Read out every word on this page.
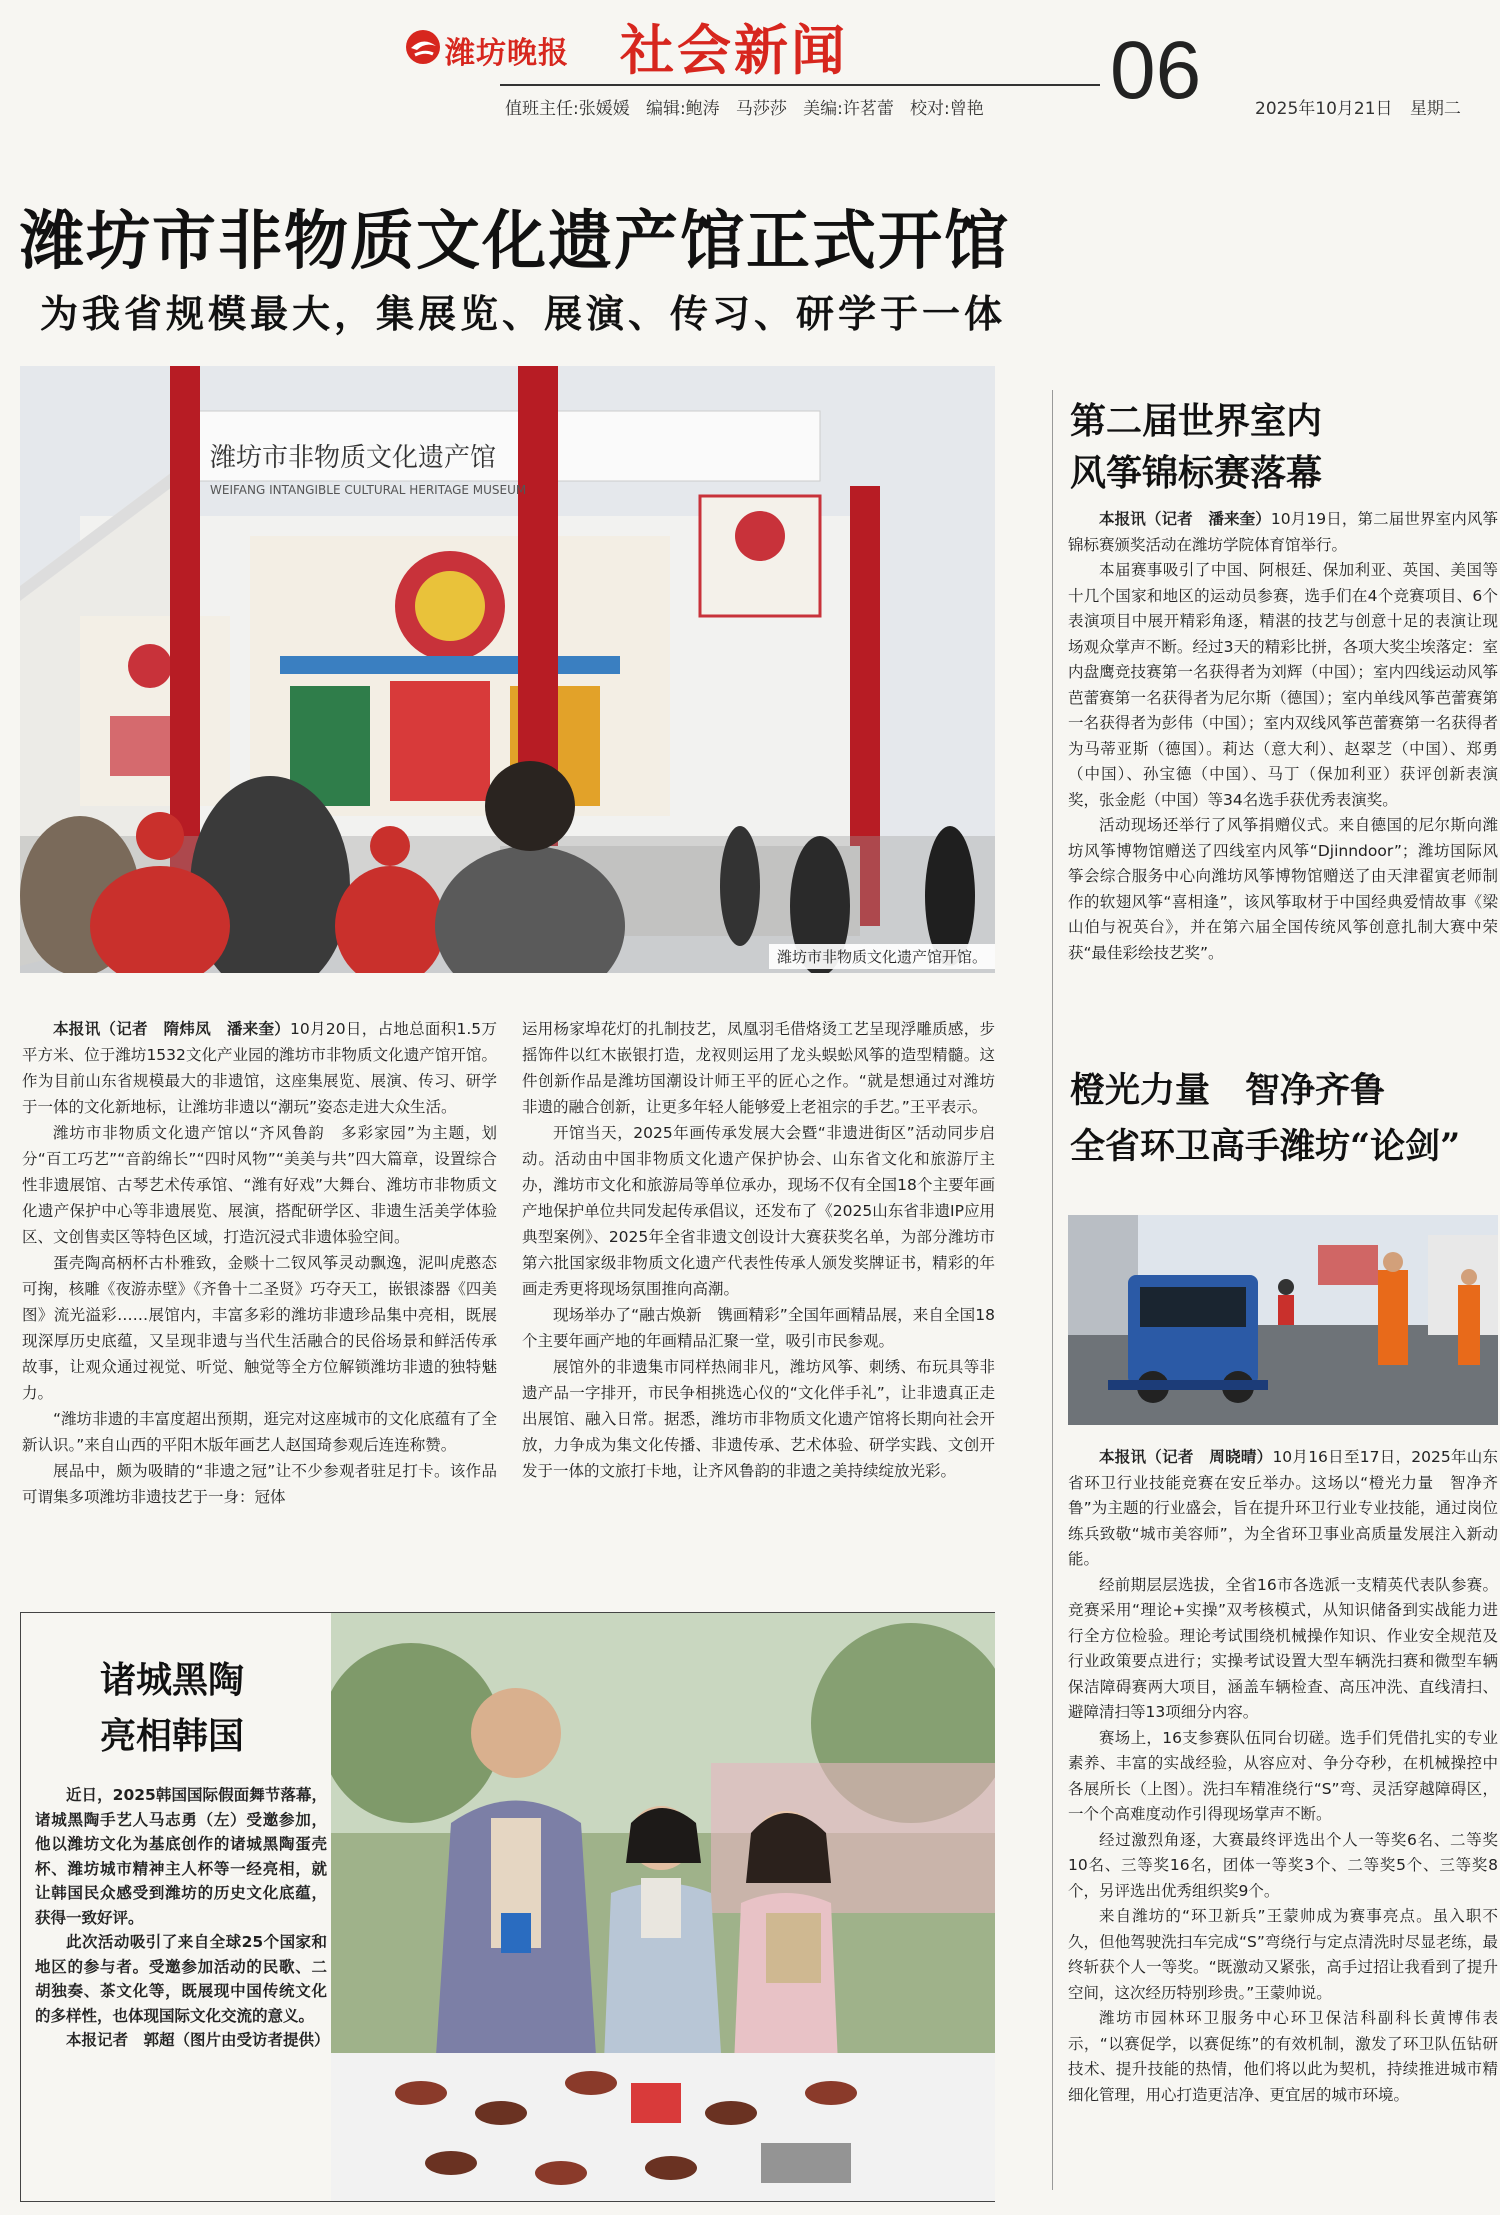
潍坊晚报 社会新闻
值班主任:张媛媛   编辑:鲍涛   马莎莎   美编:许茗蕾   校对:曾艳 06	2025年10月21日 星期二
潍坊市非物质文化遗产馆正式开馆
为我省规模最大，集展览、展演、传习、研学于一体
潍坊市非物质文化遗产馆
WEIFANG INTANGIBLE CULTURAL HERITAGE MUSEUM
潍坊市非物质文化遗产馆开馆。

本报讯（记者　隋炜凤　潘来奎）10月20日，占地总面积1.5万平方米、位于潍坊1532文化产业园的潍坊市非物质文化遗产馆开馆。作为目前山东省规模最大的非遗馆，这座集展览、展演、传习、研学于一体的文化新地标，让潍坊非遗以“潮玩”姿态走进大众生活。

潍坊市非物质文化遗产馆以“齐风鲁韵　多彩家园”为主题，划分“百工巧艺”“音韵绵长”“四时风物”“美美与共”四大篇章，设置综合性非遗展馆、古琴艺术传承馆、“潍有好戏”大舞台、潍坊市非物质文化遗产保护中心等非遗展览、展演，搭配研学区、非遗生活美学体验区、文创售卖区等特色区域，打造沉浸式非遗体验空间。

蛋壳陶高柄杯古朴雅致，金赕十二钗风筝灵动飘逸，泥叫虎憨态可掬，核雕《夜游赤壁》《齐鲁十二圣贤》巧夺天工，嵌银漆器《四美图》流光溢彩……展馆内，丰富多彩的潍坊非遗珍品集中亮相，既展现深厚历史底蕴，又呈现非遗与当代生活融合的民俗场景和鲜活传承故事，让观众通过视觉、听觉、触觉等全方位解锁潍坊非遗的独特魅力。

“潍坊非遗的丰富度超出预期，逛完对这座城市的文化底蕴有了全新认识。”来自山西的平阳木版年画艺人赵国琦参观后连连称赞。

展品中，颇为吸睛的“非遗之冠”让不少参观者驻足打卡。该作品可谓集多项潍坊非遗技艺于一身：冠体

运用杨家埠花灯的扎制技艺，凤凰羽毛借烙烫工艺呈现浮雕质感，步摇饰件以红木嵌银打造，龙衩则运用了龙头蜈蚣风筝的造型精髓。这件创新作品是潍坊国潮设计师王平的匠心之作。“就是想通过对潍坊非遗的融合创新，让更多年轻人能够爱上老祖宗的手艺。”王平表示。

开馆当天，2025年画传承发展大会暨“非遗进街区”活动同步启动。活动由中国非物质文化遗产保护协会、山东省文化和旅游厅主办，潍坊市文化和旅游局等单位承办，现场不仅有全国18个主要年画产地保护单位共同发起传承倡议，还发布了《2025山东省非遗IP应用典型案例》、2025年全省非遗文创设计大赛获奖名单，为部分潍坊市第六批国家级非物质文化遗产代表性传承人颁发奖牌证书，精彩的年画走秀更将现场氛围推向高潮。

现场举办了“融古焕新　镌画精彩”全国年画精品展，来自全国18个主要年画产地的年画精品汇聚一堂，吸引市民参观。

展馆外的非遗集市同样热闹非凡，潍坊风筝、刺绣、布玩具等非遗产品一字排开，市民争相挑选心仪的“文化伴手礼”，让非遗真正走出展馆、融入日常。据悉，潍坊市非物质文化遗产馆将长期向社会开放，力争成为集文化传播、非遗传承、艺术体验、研学实践、文创开发于一体的文旅打卡地，让齐风鲁韵的非遗之美持续绽放光彩。

第二届世界室内
风筝锦标赛落幕

本报讯（记者　潘来奎）10月19日，第二届世界室内风筝锦标赛颁奖活动在潍坊学院体育馆举行。

本届赛事吸引了中国、阿根廷、保加利亚、英国、美国等十几个国家和地区的运动员参赛，选手们在4个竞赛项目、6个表演项目中展开精彩角逐，精湛的技艺与创意十足的表演让现场观众掌声不断。经过3天的精彩比拼，各项大奖尘埃落定：室内盘鹰竞技赛第一名获得者为刘辉（中国）；室内四线运动风筝芭蕾赛第一名获得者为尼尔斯（德国）；室内单线风筝芭蕾赛第一名获得者为彭伟（中国）；室内双线风筝芭蕾赛第一名获得者为马蒂亚斯（德国）。莉达（意大利）、赵翠芝（中国）、郑勇（中国）、孙宝德（中国）、马丁（保加利亚）获评创新表演奖，张金彪（中国）等34名选手获优秀表演奖。

活动现场还举行了风筝捐赠仪式。来自德国的尼尔斯向潍坊风筝博物馆赠送了四线室内风筝“Djinndoor”；潍坊国际风筝会综合服务中心向潍坊风筝博物馆赠送了由天津翟寅老师制作的软翅风筝“喜相逢”，该风筝取材于中国经典爱情故事《梁山伯与祝英台》，并在第六届全国传统风筝创意扎制大赛中荣获“最佳彩绘技艺奖”。

橙光力量　智净齐鲁
全省环卫高手潍坊“论剑”

本报讯（记者　周晓晴）10月16日至17日，2025年山东省环卫行业技能竞赛在安丘举办。这场以“橙光力量　智净齐鲁”为主题的行业盛会，旨在提升环卫行业专业技能，通过岗位练兵致敬“城市美容师”，为全省环卫事业高质量发展注入新动能。

经前期层层选拔，全省16市各选派一支精英代表队参赛。竞赛采用“理论+实操”双考核模式，从知识储备到实战能力进行全方位检验。理论考试围绕机械操作知识、作业安全规范及行业政策要点进行；实操考试设置大型车辆洗扫赛和微型车辆保洁障碍赛两大项目，涵盖车辆检查、高压冲洗、直线清扫、避障清扫等13项细分内容。

赛场上，16支参赛队伍同台切磋。选手们凭借扎实的专业素养、丰富的实战经验，从容应对、争分夺秒，在机械操控中各展所长（上图）。洗扫车精准绕行“S”弯、灵活穿越障碍区，一个个高难度动作引得现场掌声不断。

经过激烈角逐，大赛最终评选出个人一等奖6名、二等奖10名、三等奖16名，团体一等奖3个、二等奖5个、三等奖8个，另评选出优秀组织奖9个。

来自潍坊的“环卫新兵”王蒙帅成为赛事亮点。虽入职不久，但他驾驶洗扫车完成“S”弯绕行与定点清洗时尽显老练，最终斩获个人一等奖。“既激动又紧张，高手过招让我看到了提升空间，这次经历特别珍贵。”王蒙帅说。

潍坊市园林环卫服务中心环卫保洁科副科长黄博伟表示，“以赛促学，以赛促练”的有效机制，激发了环卫队伍钻研技术、提升技能的热情，他们将以此为契机，持续推进城市精细化管理，用心打造更洁净、更宜居的城市环境。

诸城黑陶
亮相韩国

近日，2025韩国国际假面舞节落幕，诸城黑陶手艺人马志勇（左）受邀参加，他以潍坊文化为基底创作的诸城黑陶蛋壳杯、潍坊城市精神主人杯等一经亮相，就让韩国民众感受到潍坊的历史文化底蕴，获得一致好评。

此次活动吸引了来自全球25个国家和地区的参与者。受邀参加活动的民歌、二胡独奏、茶文化等，既展现中国传统文化的多样性，也体现国际文化交流的意义。

本报记者　郭超（图片由受访者提供）
